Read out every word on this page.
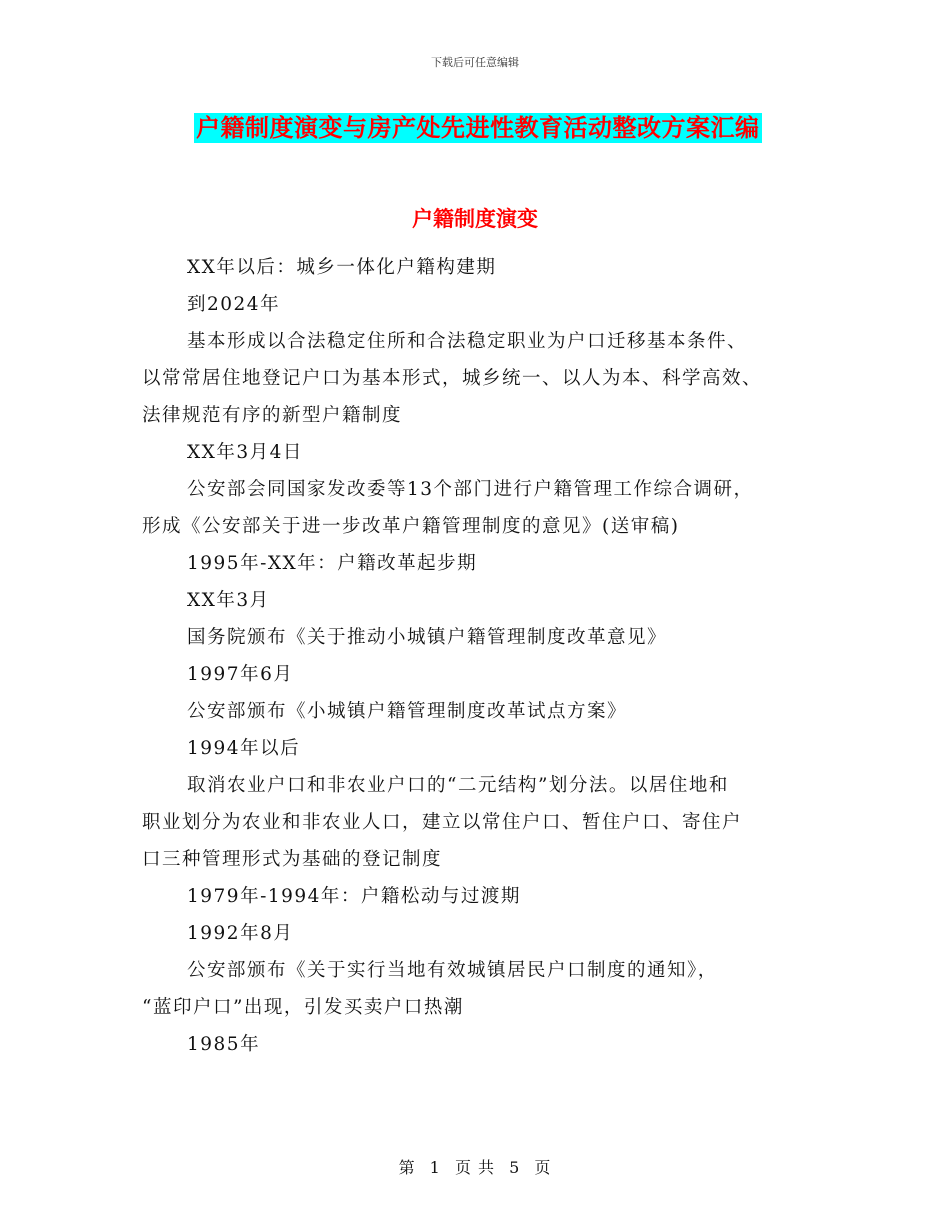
下载后可任意编辑
户籍制度演变与房产处先进性教育活动整改方案汇编
户籍制度演变
XX年以后：城乡一体化户籍构建期
到2024年
基本形成以合法稳定住所和合法稳定职业为户口迁移基本条件、
以常常居住地登记户口为基本形式，城乡统一、以人为本、科学高效、
法律规范有序的新型户籍制度
XX年3月4日
公安部会同国家发改委等13个部门进行户籍管理工作综合调研，
形成《公安部关于进一步改革户籍管理制度的意见》(送审稿)
1995年-XX年：户籍改革起步期
XX年3月
国务院颁布《关于推动小城镇户籍管理制度改革意见》
1997年6月
公安部颁布《小城镇户籍管理制度改革试点方案》
1994年以后
取消农业户口和非农业户口的“二元结构”划分法。以居住地和
职业划分为农业和非农业人口，建立以常住户口、暂住户口、寄住户
口三种管理形式为基础的登记制度
1979年-1994年：户籍松动与过渡期
1992年8月
公安部颁布《关于实行当地有效城镇居民户口制度的通知》，
“蓝印户口”出现，引发买卖户口热潮
1985年
第 1 页 共 5 页
